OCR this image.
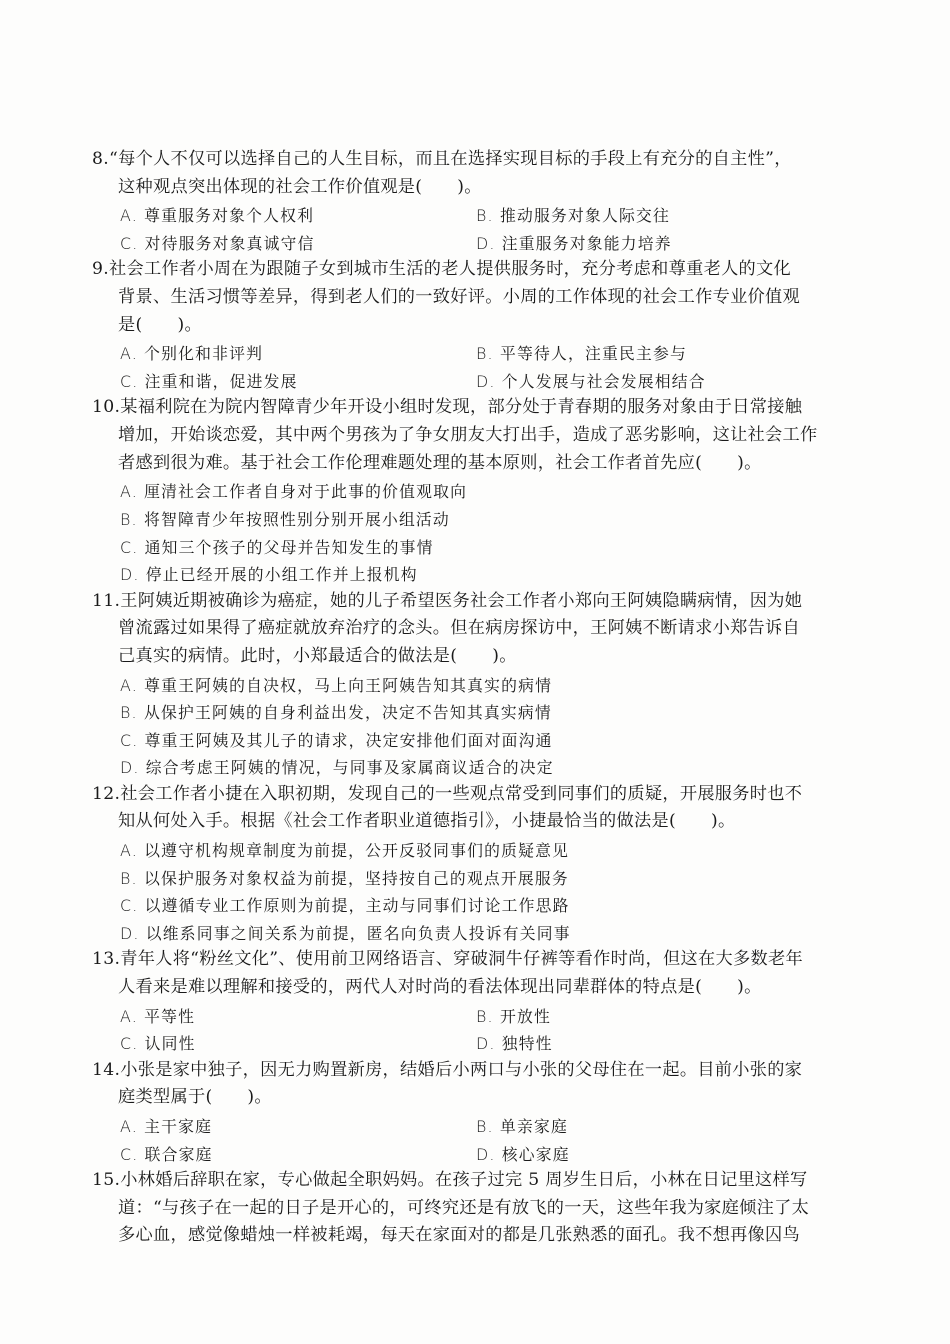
8.“每个人不仅可以选择自己的人生目标，而且在选择实现目标的手段上有充分的自主性”，
这种观点突出体现的社会工作价值观是(　　)。
A. 尊重服务对象个人权利	B. 推动服务对象人际交往
C. 对待服务对象真诚守信	D. 注重服务对象能力培养
9.社会工作者小周在为跟随子女到城市生活的老人提供服务时，充分考虑和尊重老人的文化
背景、生活习惯等差异，得到老人们的一致好评。小周的工作体现的社会工作专业价值观
是(　　)。
A. 个别化和非评判	B. 平等待人，注重民主参与
C. 注重和谐，促进发展	D. 个人发展与社会发展相结合
10.某福利院在为院内智障青少年开设小组时发现，部分处于青春期的服务对象由于日常接触
增加，开始谈恋爱，其中两个男孩为了争女朋友大打出手，造成了恶劣影响，这让社会工作
者感到很为难。基于社会工作伦理难题处理的基本原则，社会工作者首先应(　　)。
A. 厘清社会工作者自身对于此事的价值观取向
B. 将智障青少年按照性别分别开展小组活动
C. 通知三个孩子的父母并告知发生的事情
D. 停止已经开展的小组工作并上报机构
11.王阿姨近期被确诊为癌症，她的儿子希望医务社会工作者小郑向王阿姨隐瞒病情，因为她
曾流露过如果得了癌症就放弃治疗的念头。但在病房探访中，王阿姨不断请求小郑告诉自
己真实的病情。此时，小郑最适合的做法是(　　)。
A. 尊重王阿姨的自决权，马上向王阿姨告知其真实的病情
B. 从保护王阿姨的自身利益出发，决定不告知其真实病情
C. 尊重王阿姨及其儿子的请求，决定安排他们面对面沟通
D. 综合考虑王阿姨的情况，与同事及家属商议适合的决定
12.社会工作者小捷在入职初期，发现自己的一些观点常受到同事们的质疑，开展服务时也不
知从何处入手。根据《社会工作者职业道德指引》，小捷最恰当的做法是(　　)。
A. 以遵守机构规章制度为前提，公开反驳同事们的质疑意见
B. 以保护服务对象权益为前提，坚持按自己的观点开展服务
C. 以遵循专业工作原则为前提，主动与同事们讨论工作思路
D. 以维系同事之间关系为前提，匿名向负责人投诉有关同事
13.青年人将“粉丝文化”、使用前卫网络语言、穿破洞牛仔裤等看作时尚，但这在大多数老年
人看来是难以理解和接受的，两代人对时尚的看法体现出同辈群体的特点是(　　)。
A. 平等性	B. 开放性
C. 认同性	D. 独特性
14.小张是家中独子，因无力购置新房，结婚后小两口与小张的父母住在一起。目前小张的家
庭类型属于(　　)。
A. 主干家庭	B. 单亲家庭
C. 联合家庭	D. 核心家庭
15.小林婚后辞职在家，专心做起全职妈妈。在孩子过完 5 周岁生日后，小林在日记里这样写
道：“与孩子在一起的日子是开心的，可终究还是有放飞的一天，这些年我为家庭倾注了太
多心血，感觉像蜡烛一样被耗竭，每天在家面对的都是几张熟悉的面孔。我不想再像囚鸟
